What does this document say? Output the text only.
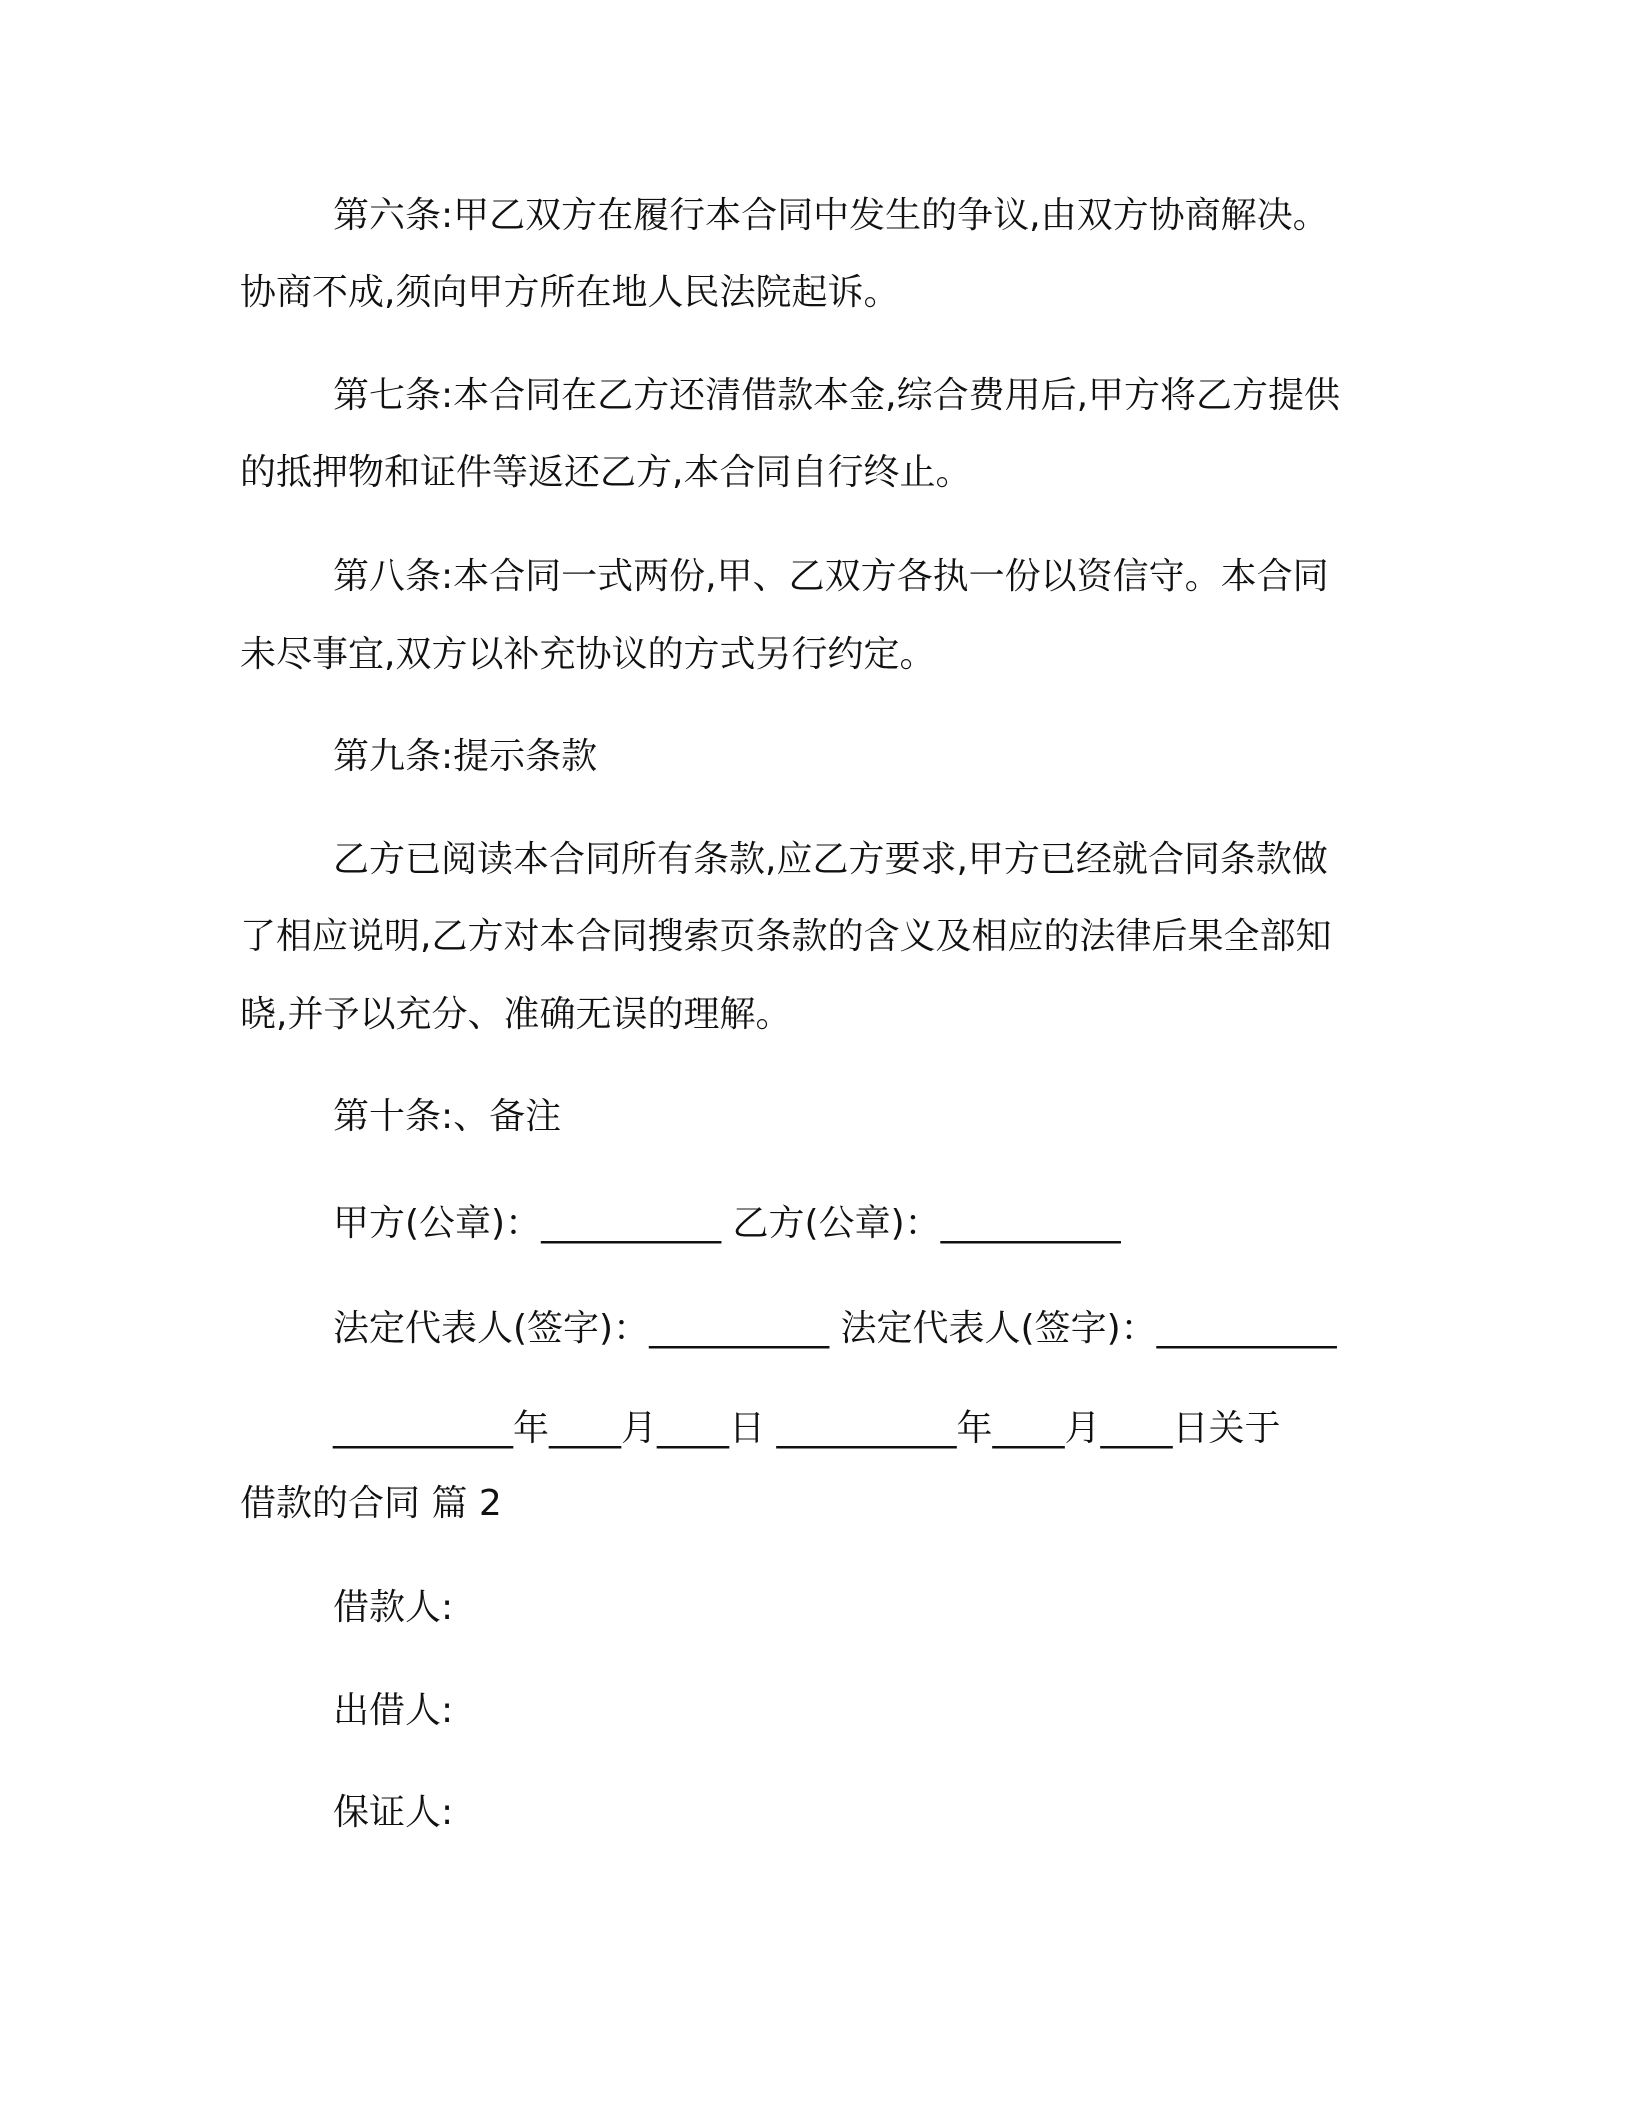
第六条:甲乙双方在履行本合同中发生的争议,由双方协商解决。
协商不成,须向甲方所在地人民法院起诉。
第七条:本合同在乙方还清借款本金,综合费用后,甲方将乙方提供
的抵押物和证件等返还乙方,本合同自行终止。
第八条:本合同一式两份,甲、乙双方各执一份以资信守。本合同
未尽事宜,双方以补充协议的方式另行约定。
第九条:提示条款
乙方已阅读本合同所有条款,应乙方要求,甲方已经就合同条款做
了相应说明,乙方对本合同搜索页条款的含义及相应的法律后果全部知
晓,并予以充分、准确无误的理解。
第十条:、备注
甲方(公章)：__________ 乙方(公章)：__________
法定代表人(签字)：__________ 法定代表人(签字)：__________
__________年____月____日 __________年____月____日关于
借款的合同 篇 2
借款人:
出借人:
保证人:
